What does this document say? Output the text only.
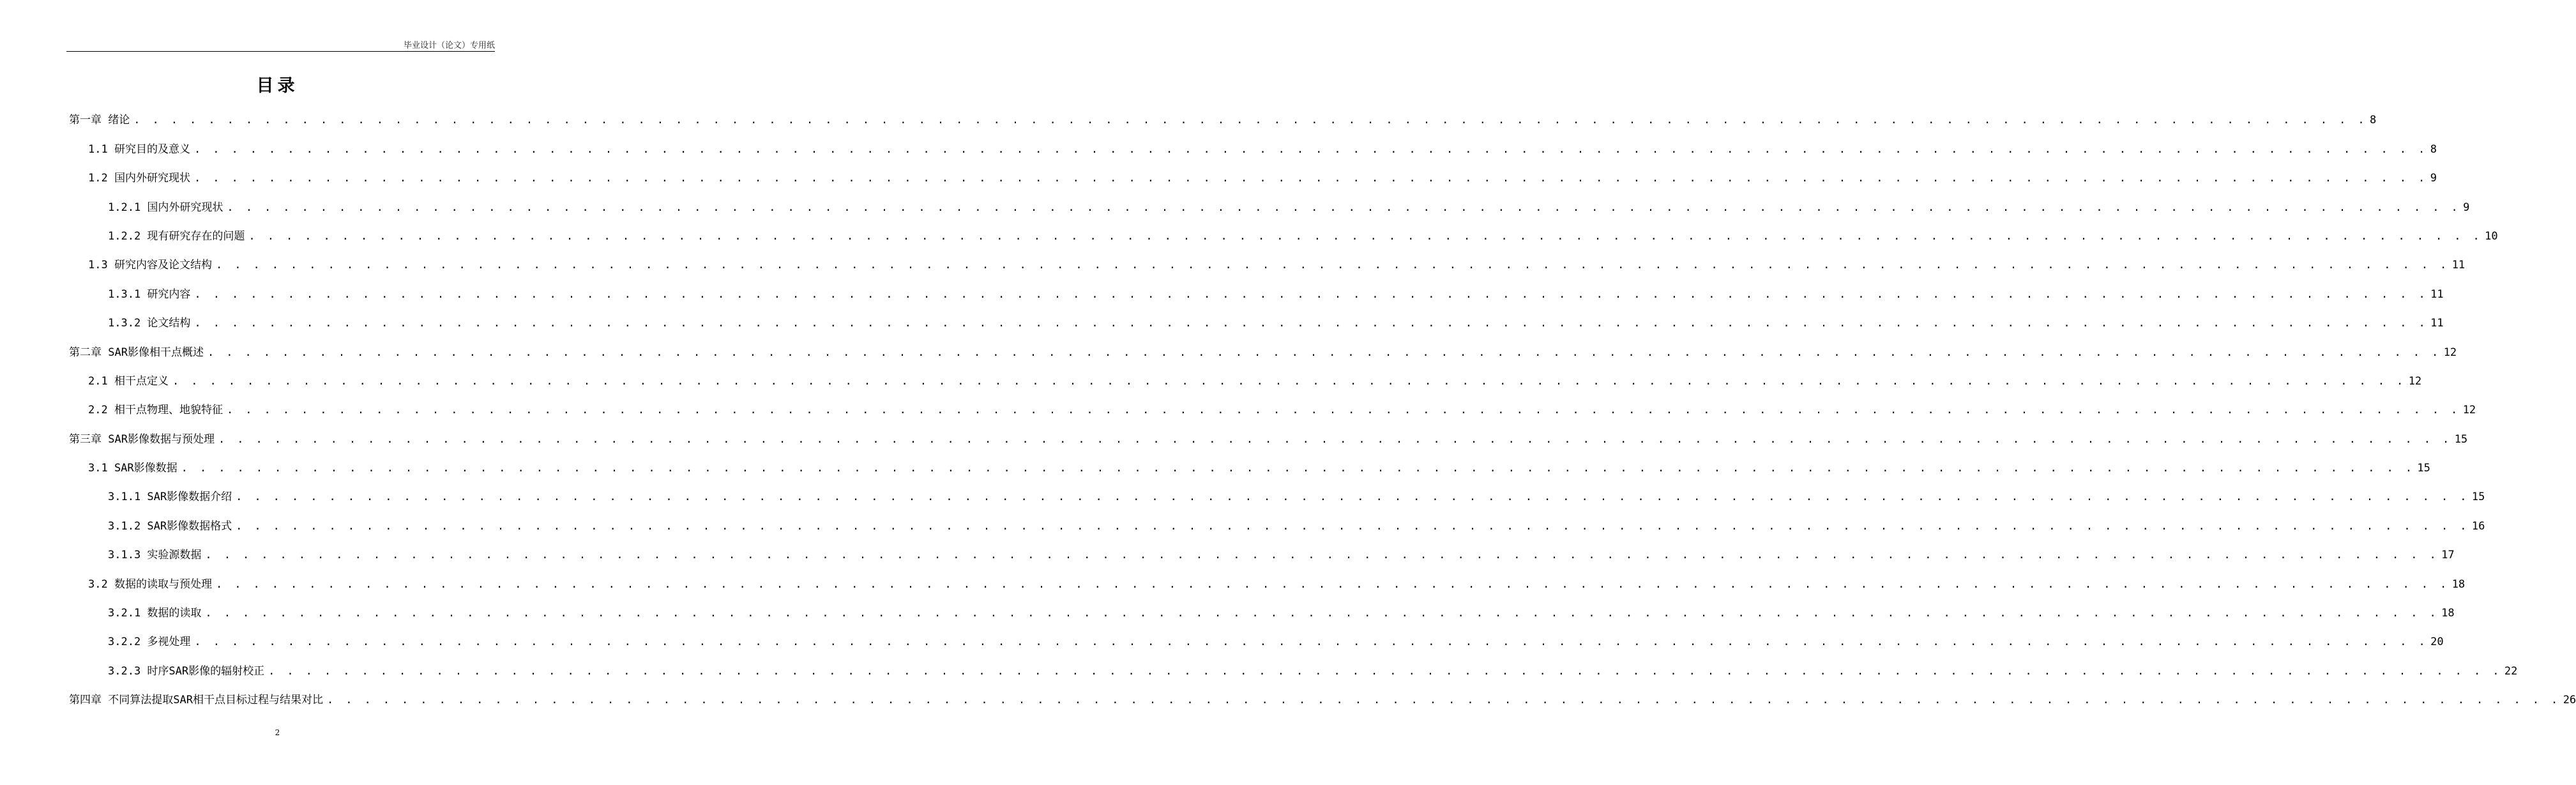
毕业设计（论文）专用纸
目录
第一章 绪论 . . . . . . . . . . . . . . . . . . . . . . . . . . . . . . . . . . . . . . . . . . . . . . . . . . . . . . . . . . . . . . . . . . . . . . . . . . . . . . . . . . . . . . . . . . . . . . . . . . . . . . . . . . . . . . . . . . . . . . . . 8
1.1 研究目的及意义 . . . . . . . . . . . . . . . . . . . . . . . . . . . . . . . . . . . . . . . . . . . . . . . . . . . . . . . . . . . . . . . . . . . . . . . . . . . . . . . . . . . . . . . . . . . . . . . . . . . . . . . . . . . . . . . . . . . . . . . . 8
1.2 国内外研究现状 . . . . . . . . . . . . . . . . . . . . . . . . . . . . . . . . . . . . . . . . . . . . . . . . . . . . . . . . . . . . . . . . . . . . . . . . . . . . . . . . . . . . . . . . . . . . . . . . . . . . . . . . . . . . . . . . . . . . . . . . 9
1.2.1 国内外研究现状 . . . . . . . . . . . . . . . . . . . . . . . . . . . . . . . . . . . . . . . . . . . . . . . . . . . . . . . . . . . . . . . . . . . . . . . . . . . . . . . . . . . . . . . . . . . . . . . . . . . . . . . . . . . . . . . . . . . . . . . . 9
1.2.2 现有研究存在的问题 . . . . . . . . . . . . . . . . . . . . . . . . . . . . . . . . . . . . . . . . . . . . . . . . . . . . . . . . . . . . . . . . . . . . . . . . . . . . . . . . . . . . . . . . . . . . . . . . . . . . . . . . . . . . . . . . . . . . . . . . 10
1.3 研究内容及论文结构 . . . . . . . . . . . . . . . . . . . . . . . . . . . . . . . . . . . . . . . . . . . . . . . . . . . . . . . . . . . . . . . . . . . . . . . . . . . . . . . . . . . . . . . . . . . . . . . . . . . . . . . . . . . . . . . . . . . . . . . . 11
1.3.1 研究内容 . . . . . . . . . . . . . . . . . . . . . . . . . . . . . . . . . . . . . . . . . . . . . . . . . . . . . . . . . . . . . . . . . . . . . . . . . . . . . . . . . . . . . . . . . . . . . . . . . . . . . . . . . . . . . . . . . . . . . . . . 11
1.3.2 论文结构 . . . . . . . . . . . . . . . . . . . . . . . . . . . . . . . . . . . . . . . . . . . . . . . . . . . . . . . . . . . . . . . . . . . . . . . . . . . . . . . . . . . . . . . . . . . . . . . . . . . . . . . . . . . . . . . . . . . . . . . . 11
第二章 SAR影像相干点概述 . . . . . . . . . . . . . . . . . . . . . . . . . . . . . . . . . . . . . . . . . . . . . . . . . . . . . . . . . . . . . . . . . . . . . . . . . . . . . . . . . . . . . . . . . . . . . . . . . . . . . . . . . . . . . . . . . . . . . . . . 12
2.1 相干点定义 . . . . . . . . . . . . . . . . . . . . . . . . . . . . . . . . . . . . . . . . . . . . . . . . . . . . . . . . . . . . . . . . . . . . . . . . . . . . . . . . . . . . . . . . . . . . . . . . . . . . . . . . . . . . . . . . . . . . . . . . 12
2.2 相干点物理、地貌特征 . . . . . . . . . . . . . . . . . . . . . . . . . . . . . . . . . . . . . . . . . . . . . . . . . . . . . . . . . . . . . . . . . . . . . . . . . . . . . . . . . . . . . . . . . . . . . . . . . . . . . . . . . . . . . . . . . . . . . . . . 12
第三章 SAR影像数据与预处理 . . . . . . . . . . . . . . . . . . . . . . . . . . . . . . . . . . . . . . . . . . . . . . . . . . . . . . . . . . . . . . . . . . . . . . . . . . . . . . . . . . . . . . . . . . . . . . . . . . . . . . . . . . . . . . . . . . . . . . . . 15
3.1 SAR影像数据 . . . . . . . . . . . . . . . . . . . . . . . . . . . . . . . . . . . . . . . . . . . . . . . . . . . . . . . . . . . . . . . . . . . . . . . . . . . . . . . . . . . . . . . . . . . . . . . . . . . . . . . . . . . . . . . . . . . . . . . . 15
3.1.1 SAR影像数据介绍 . . . . . . . . . . . . . . . . . . . . . . . . . . . . . . . . . . . . . . . . . . . . . . . . . . . . . . . . . . . . . . . . . . . . . . . . . . . . . . . . . . . . . . . . . . . . . . . . . . . . . . . . . . . . . . . . . . . . . . . . 15
3.1.2 SAR影像数据格式 . . . . . . . . . . . . . . . . . . . . . . . . . . . . . . . . . . . . . . . . . . . . . . . . . . . . . . . . . . . . . . . . . . . . . . . . . . . . . . . . . . . . . . . . . . . . . . . . . . . . . . . . . . . . . . . . . . . . . . . . 16
3.1.3 实验源数据 . . . . . . . . . . . . . . . . . . . . . . . . . . . . . . . . . . . . . . . . . . . . . . . . . . . . . . . . . . . . . . . . . . . . . . . . . . . . . . . . . . . . . . . . . . . . . . . . . . . . . . . . . . . . . . . . . . . . . . . . 17
3.2 数据的读取与预处理 . . . . . . . . . . . . . . . . . . . . . . . . . . . . . . . . . . . . . . . . . . . . . . . . . . . . . . . . . . . . . . . . . . . . . . . . . . . . . . . . . . . . . . . . . . . . . . . . . . . . . . . . . . . . . . . . . . . . . . . . 18
3.2.1 数据的读取 . . . . . . . . . . . . . . . . . . . . . . . . . . . . . . . . . . . . . . . . . . . . . . . . . . . . . . . . . . . . . . . . . . . . . . . . . . . . . . . . . . . . . . . . . . . . . . . . . . . . . . . . . . . . . . . . . . . . . . . . 18
3.2.2 多视处理 . . . . . . . . . . . . . . . . . . . . . . . . . . . . . . . . . . . . . . . . . . . . . . . . . . . . . . . . . . . . . . . . . . . . . . . . . . . . . . . . . . . . . . . . . . . . . . . . . . . . . . . . . . . . . . . . . . . . . . . . 20
3.2.3 时序SAR影像的辐射校正 . . . . . . . . . . . . . . . . . . . . . . . . . . . . . . . . . . . . . . . . . . . . . . . . . . . . . . . . . . . . . . . . . . . . . . . . . . . . . . . . . . . . . . . . . . . . . . . . . . . . . . . . . . . . . . . . . . . . . . . . 22
第四章 不同算法提取SAR相干点目标过程与结果对比 . . . . . . . . . . . . . . . . . . . . . . . . . . . . . . . . . . . . . . . . . . . . . . . . . . . . . . . . . . . . . . . . . . . . . . . . . . . . . . . . . . . . . . . . . . . . . . . . . . . . . . . . . . . . . . . . . . . . . . . . 26
2
